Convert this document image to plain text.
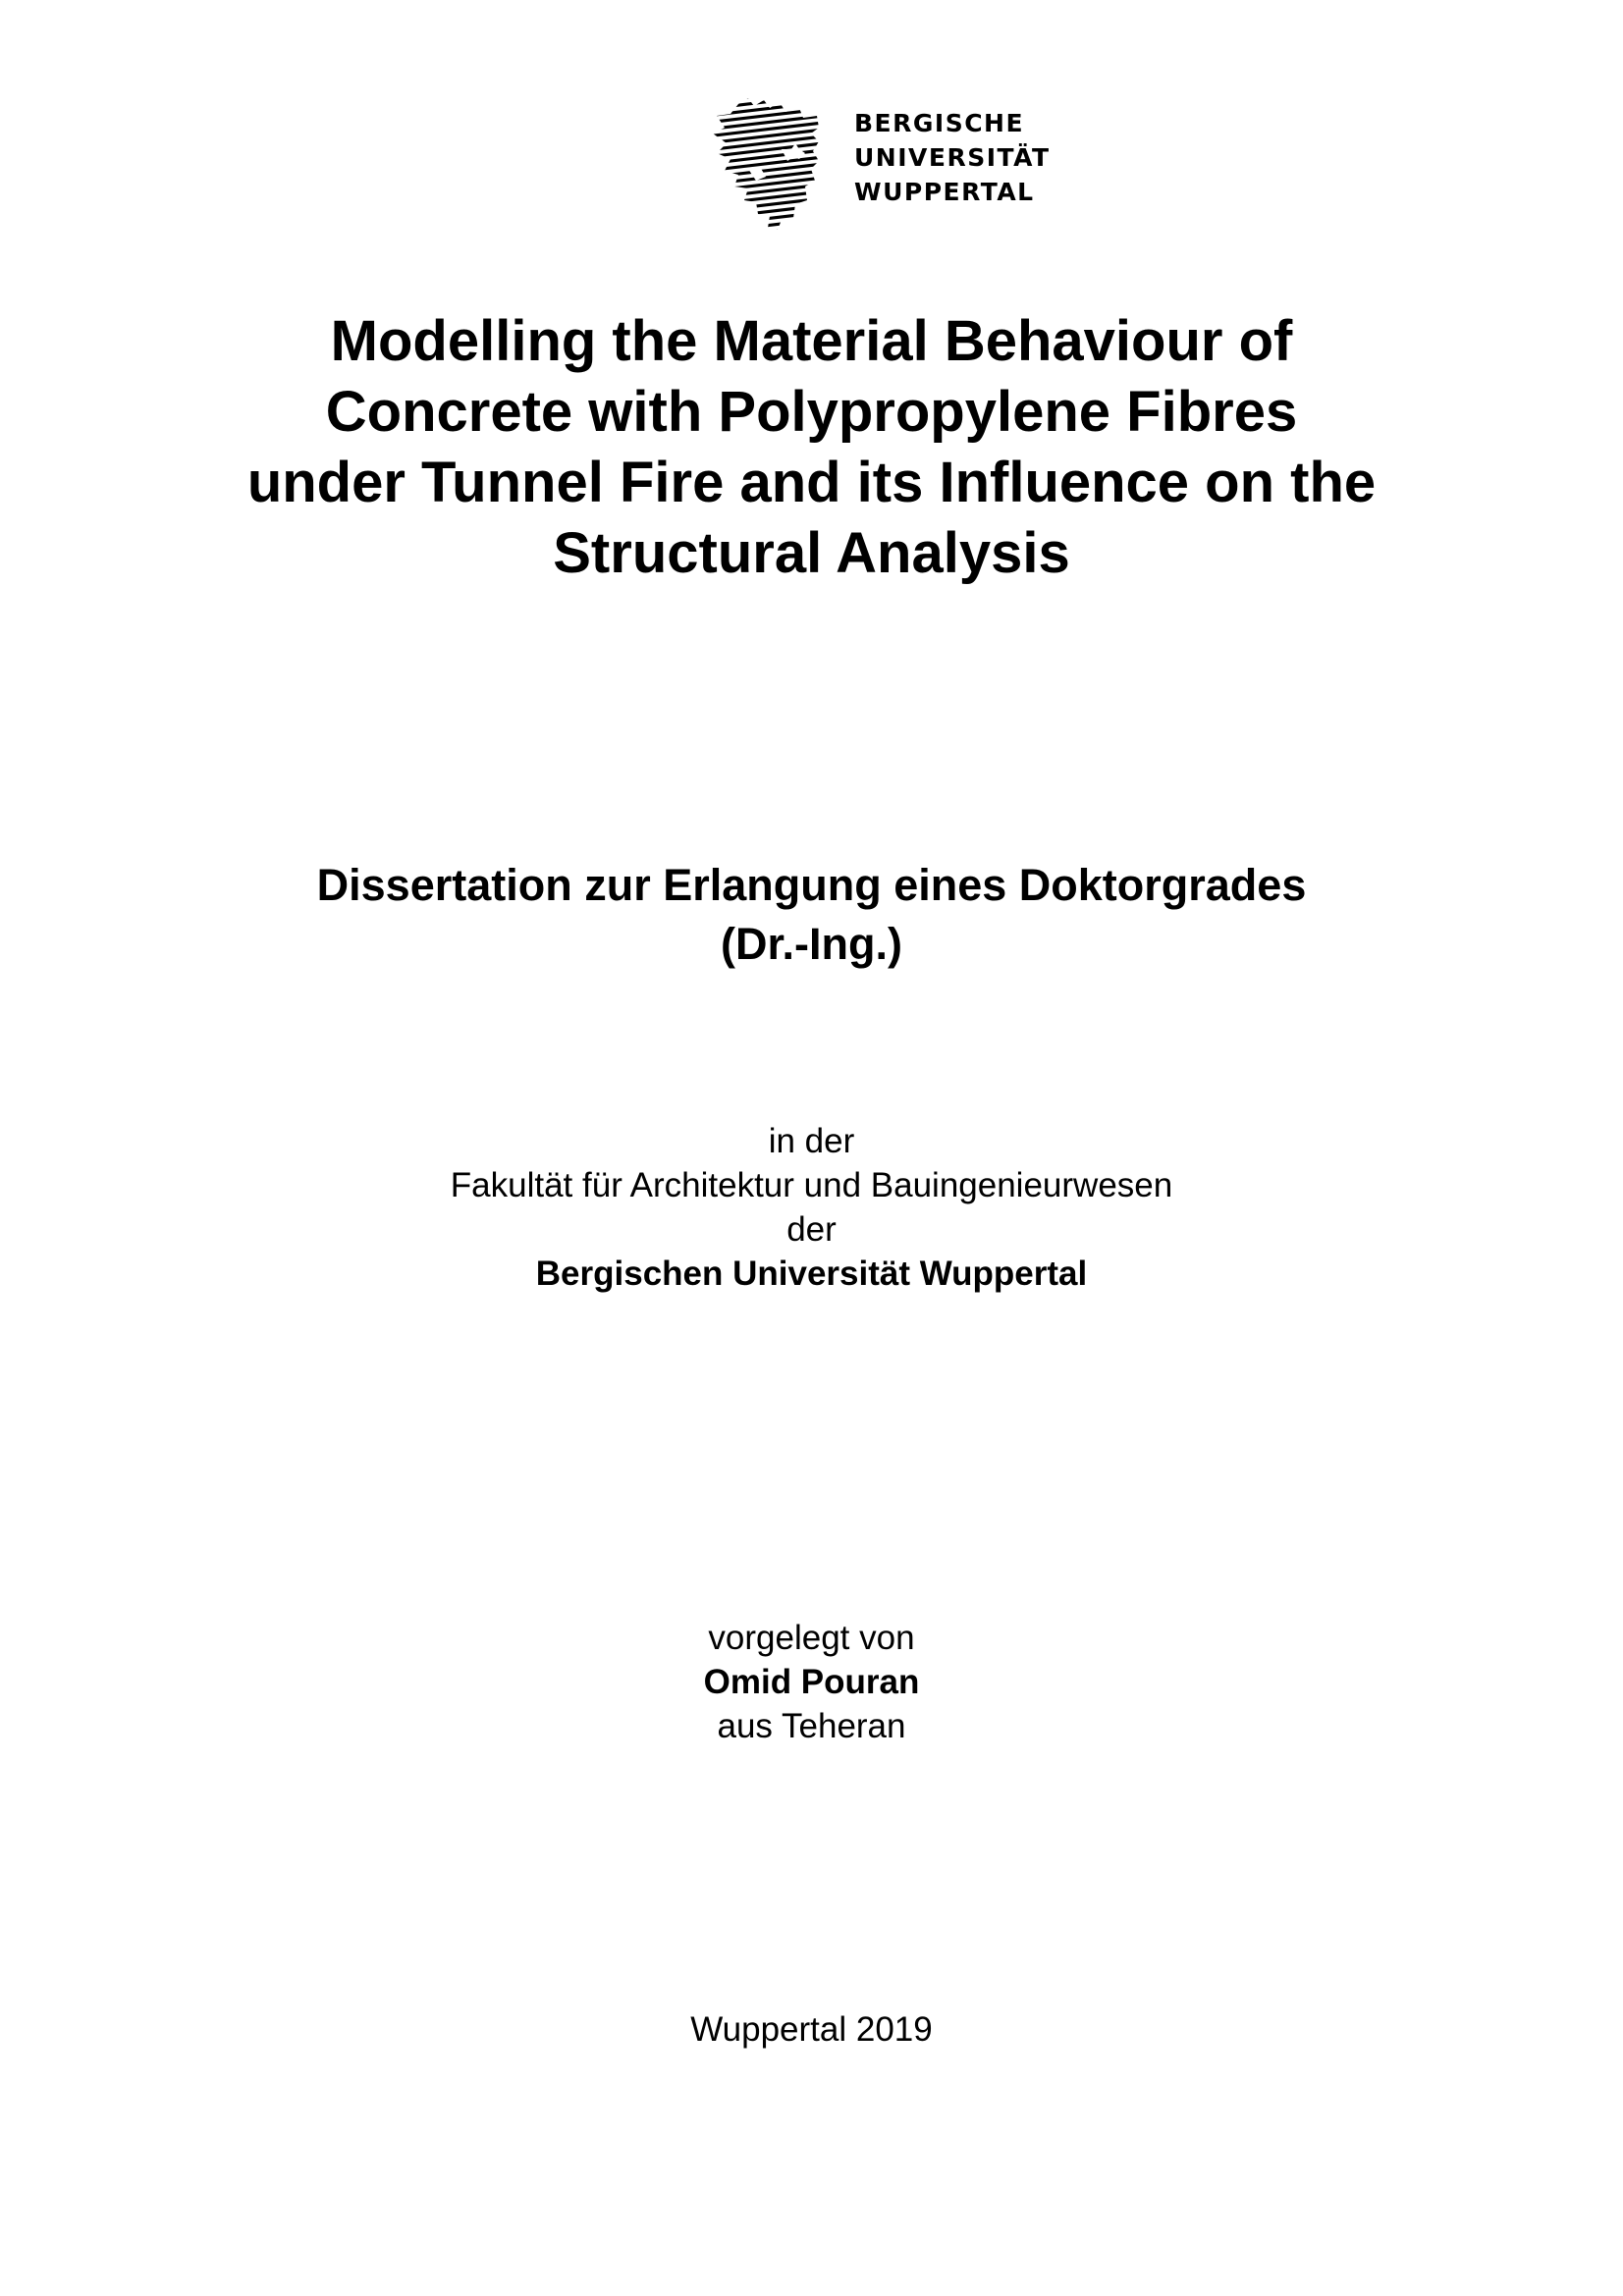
BERGISCHE
UNIVERSITÄT
WUPPERTAL
Modelling the Material Behaviour of
Concrete with Polypropylene Fibres
under Tunnel Fire and its Influence on the
Structural Analysis
Dissertation zur Erlangung eines Doktorgrades
(Dr.-Ing.)
in der
Fakultät für Architektur und Bauingenieurwesen
der
Bergischen Universität Wuppertal
vorgelegt von
Omid Pouran
aus Teheran
Wuppertal 2019
